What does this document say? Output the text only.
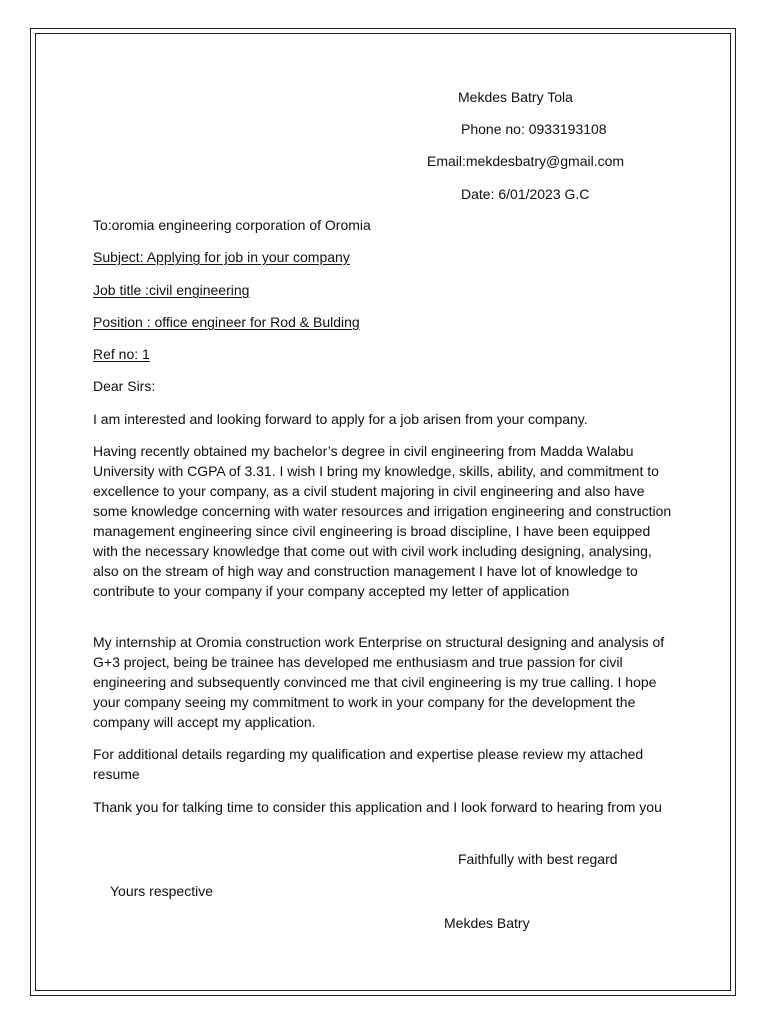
Mekdes Batry Tola
Phone no: 0933193108
Email:mekdesbatry@gmail.com
Date: 6/01/2023 G.C
To:oromia engineering corporation of Oromia
Subject: Applying for job in your company
Job title :civil engineering
Position : office engineer for Rod & Bulding
Ref no: 1
Dear Sirs:

I am interested and looking forward to apply for a job arisen from your company.

Having recently obtained my bachelor’s degree in civil engineering from Madda Walabu University with CGPA of 3.31. I wish I bring my knowledge, skills, ability, and commitment to excellence to your company, as a civil student majoring in civil engineering and also have some knowledge concerning with water resources and irrigation engineering and construction management engineering since civil engineering is broad discipline, I have been equipped with the necessary knowledge that come out with civil work including designing, analysing, also on the stream of high way and construction management I have lot of knowledge to contribute to your company if your company accepted my letter of application

My internship at Oromia construction work Enterprise on structural designing and analysis of G+3 project, being be trainee has developed me enthusiasm and true passion for civil engineering and subsequently convinced me that civil engineering is my true calling. I hope your company seeing my commitment to work in your company for the development the company will accept my application.

For additional details regarding my qualification and expertise please review my attached resume

Thank you for talking time to consider this application and I look forward to hearing from you

Faithfully with best regard
Yours respective
Mekdes Batry
